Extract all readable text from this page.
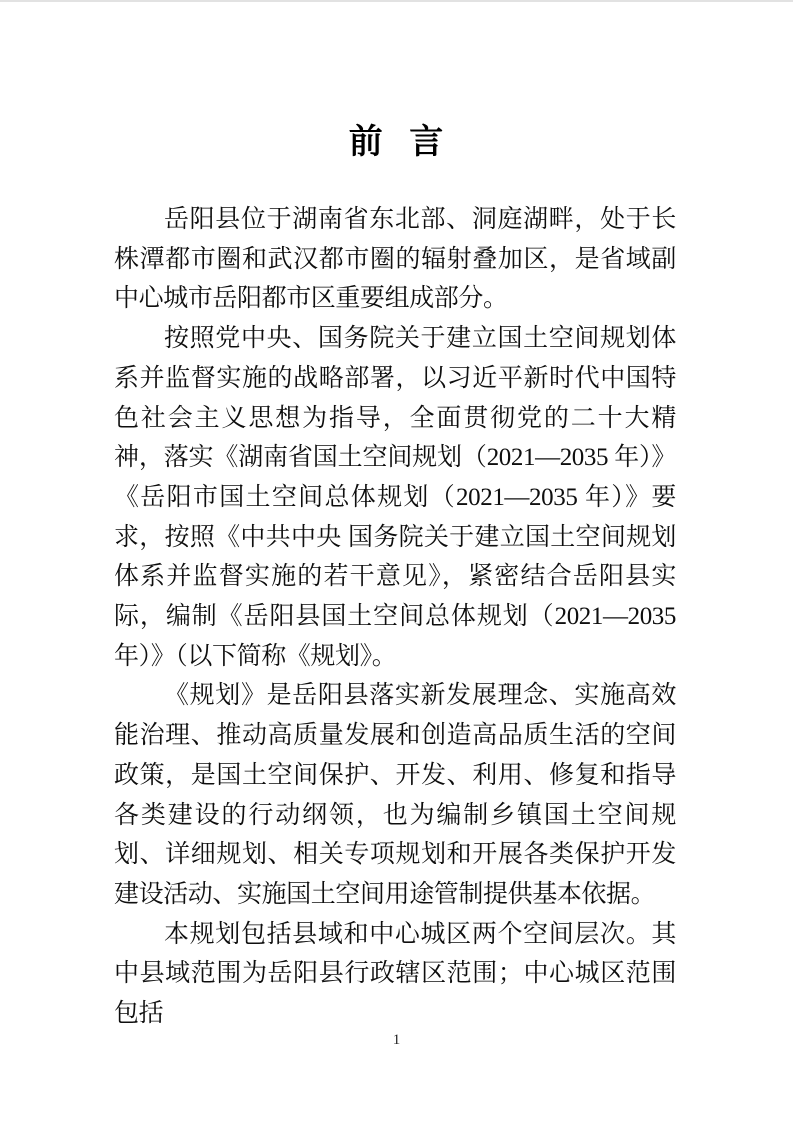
前 言

岳阳县位于湖南省东北部、洞庭湖畔，处于长株潭都市圈和武汉都市圈的辐射叠加区，是省域副中心城市岳阳都市区重要组成部分。

按照党中央、国务院关于建立国土空间规划体系并监督实施的战略部署，以习近平新时代中国特色社会主义思想为指导，全面贯彻党的二十大精神，落实《湖南省国土空间规划（2021—2035 年）》《岳阳市国土空间总体规划（2021—2035 年）》要求，按照《中共中央 国务院关于建立国土空间规划体系并监督实施的若干意见》，紧密结合岳阳县实际，编制《岳阳县国土空间总体规划（2021—2035 年）》（以下简称《规划》。

《规划》是岳阳县落实新发展理念、实施高效能治理、推动高质量发展和创造高品质生活的空间政策，是国土空间保护、开发、利用、修复和指导各类建设的行动纲领，也为编制乡镇国土空间规划、详细规划、相关专项规划和开展各类保护开发建设活动、实施国土空间用途管制提供基本依据。

本规划包括县域和中心城区两个空间层次。其中县域范围为岳阳县行政辖区范围；中心城区范围包括

1
